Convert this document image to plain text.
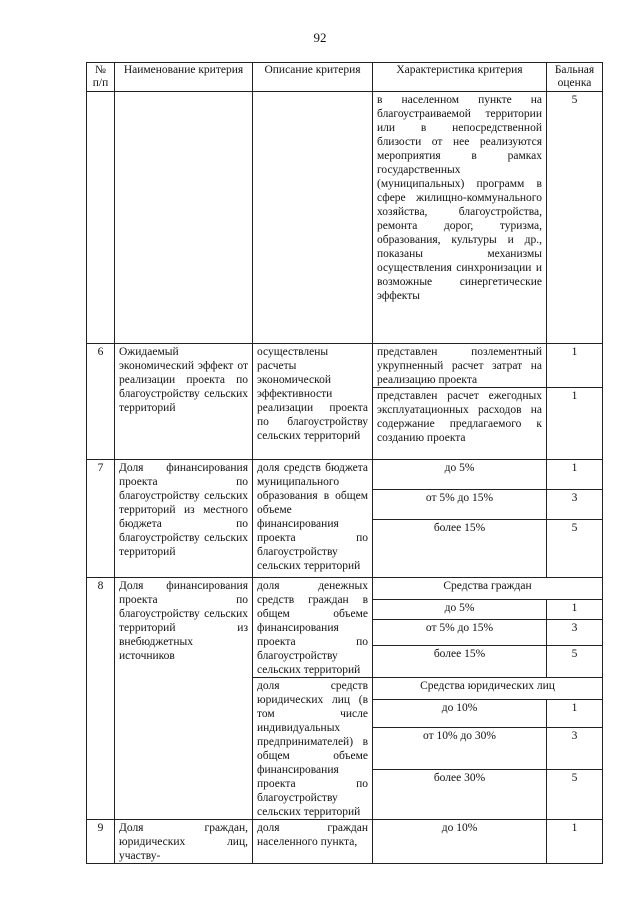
92
№ п/п	Наименование критерия	Описание критерия	Характеристика критерия	Бальная оценка
			в населенном пункте на благоустраиваемой территории или в непосредственной близости от нее реализуются мероприятия в рамках государственных (муниципальных) программ в сфере жилищно-коммунального хозяйства, благоустройства, ремонта дорог, туризма, образования, культуры и др., показаны механизмы осуществления синхронизации и возможные синергетические эффекты	5
6	Ожидаемый экономический эффект от реализации проекта по благоустройству сельских территорий	осуществлены расчеты экономической эффективности реализации проекта по благоустройству сельских территорий	представлен позлементный укрупненный расчет затрат на реализацию проекта	1
			представлен расчет ежегодных эксплуатационных расходов на содержание предлагаемого к созданию проекта	1
7	Доля финансирования проекта по благоустройству сельских территорий из местного бюджета по благоустройству сельских территорий	доля средств бюджета муниципального образования в общем объеме финансирования проекта по благоустройству сельских территорий	до 5%	1
			от 5% до 15%	3
			более 15%	5
8	Доля финансирования проекта по благоустройству сельских территорий из внебюджетных источников	доля денежных средств граждан в общем объеме финансирования проекта по благоустройству сельских территорий	Средства граждан	
			до 5%	1
			от 5% до 15%	3
			более 15%	5
		доля средств юридических лиц (в том числе индивидуальных предпринимателей) в общем объеме финансирования проекта по благоустройству сельских территорий	Средства юридических лиц	
			до 10%	1
			от 10% до 30%	3
			более 30%	5
9	Доля граждан, юридических лиц, участву-	доля граждан населенного пункта,	до 10%	1
